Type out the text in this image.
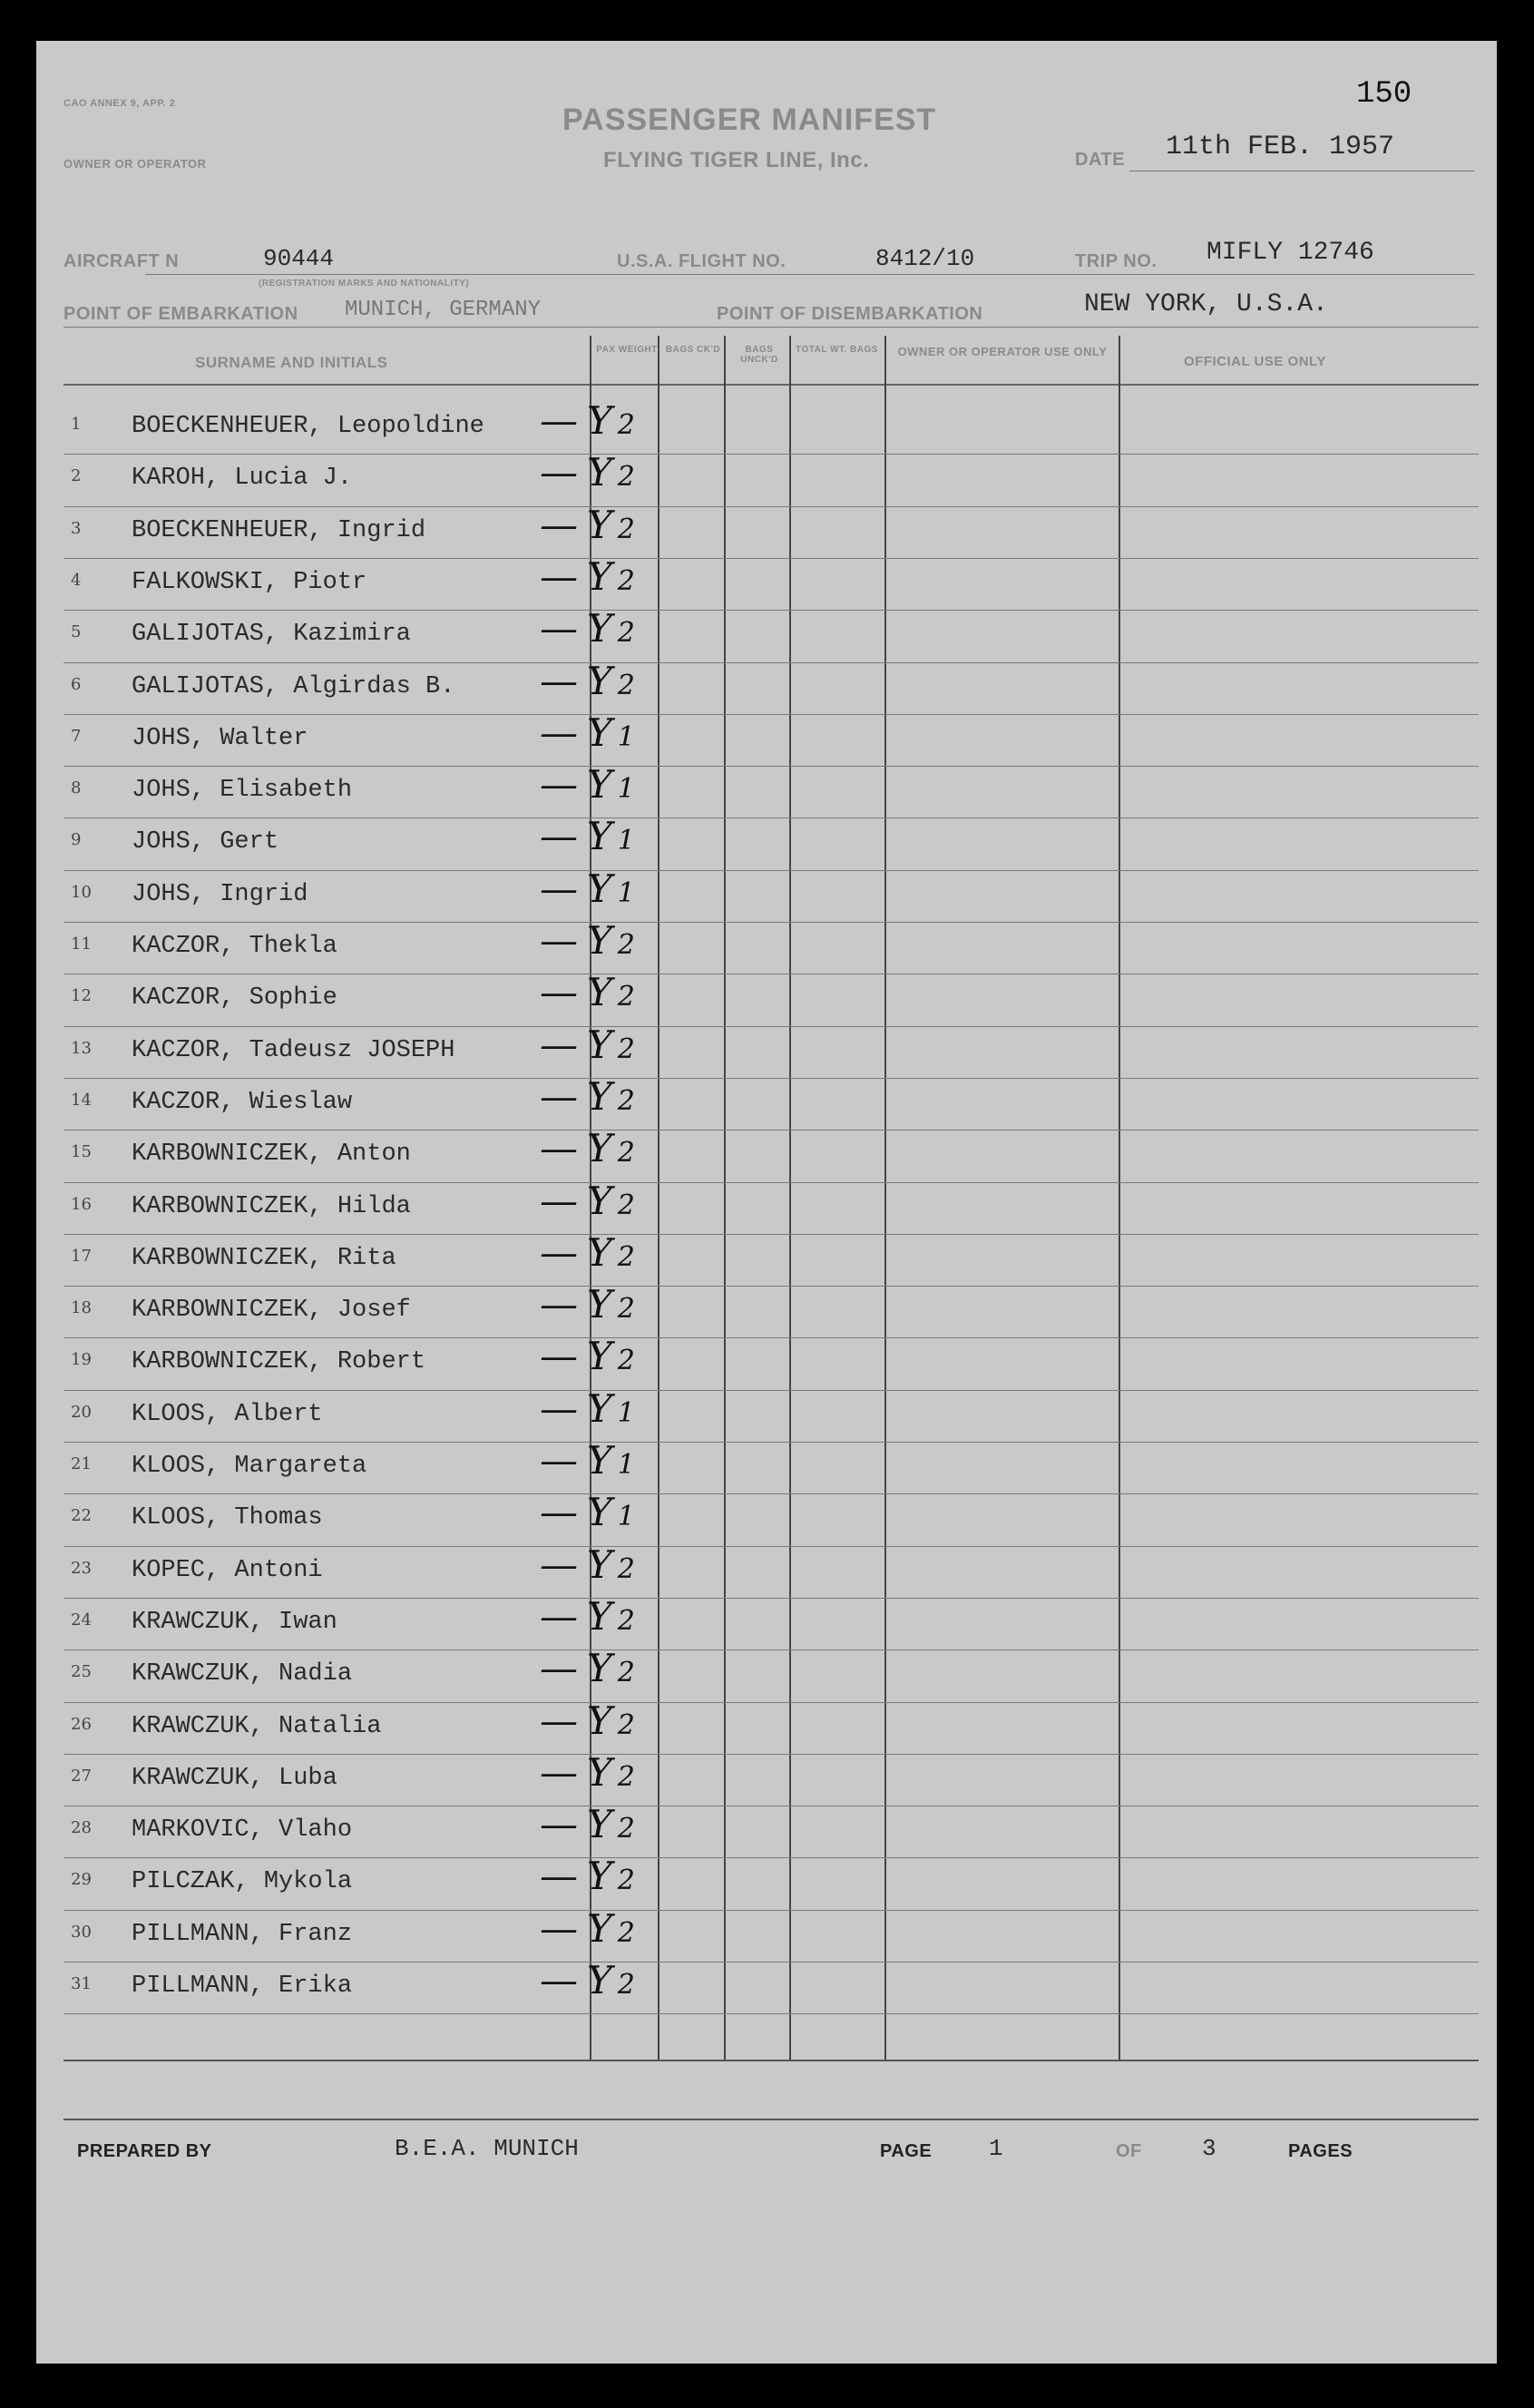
CAO ANNEX 9, APP. 2
OWNER OR OPERATOR
PASSENGER MANIFEST
FLYING TIGER LINE, Inc.
150
DATE 11th FEB. 1957
AIRCRAFT N	90444
(REGISTRATION MARKS AND NATIONALITY)
U.S.A. FLIGHT NO.	8412/10	TRIP NO. MIFLY 12746
POINT OF EMBARKATION MUNICH, GERMANY	POINT OF DISEMBARKATION	NEW YORK, U.S.A.
SURNAME AND INITIALS
PAX WEIGHT BAGS CK'D	BAGS UNCK'D
TOTAL WT. BAGS	OWNER OR OPERATOR USE ONLY
OFFICIAL USE ONLY
1 BOECKENHEUER, Leopoldine — Y 2
2 KAROH, Lucia J.	— Y 2
3 BOECKENHEUER, Ingrid	— Y 2
4 FALKOWSKI, Piotr	— Y 2
5 GALIJOTAS, Kazimira	— Y 2
6 GALIJOTAS, Algirdas B. — Y 2
7 JOHS, Walter	— Y 1
8 JOHS, Elisabeth	— Y 1
9 JOHS, Gert	— Y 1
10 JOHS, Ingrid	— Y 1
11 KACZOR, Thekla	— Y 2
12 KACZOR, Sophie	— Y 2
13 KACZOR, Tadeusz JOSEPH — Y 2
14 KACZOR, Wieslaw	— Y 2
15 KARBOWNICZEK, Anton	— Y 2
16 KARBOWNICZEK, Hilda	— Y 2
17 KARBOWNICZEK, Rita	— Y 2
18 KARBOWNICZEK, Josef	— Y 2
19 KARBOWNICZEK, Robert	— Y 2
20 KLOOS, Albert	— Y 1
21 KLOOS, Margareta	— Y 1
22 KLOOS, Thomas	— Y 1
23 KOPEC, Antoni	— Y 2
24 KRAWCZUK, Iwan	— Y 2
25 KRAWCZUK, Nadia	— Y 2
26 KRAWCZUK, Natalia	— Y 2
27 KRAWCZUK, Luba	— Y 2
28 MARKOVIC, Vlaho	— Y 2
29 PILCZAK, Mykola	— Y 2
30 PILLMANN, Franz	— Y 2
31 PILLMANN, Erika	— Y 2
PREPARED BY	B.E.A. MUNICH	PAGE 1	OF	3	PAGES
